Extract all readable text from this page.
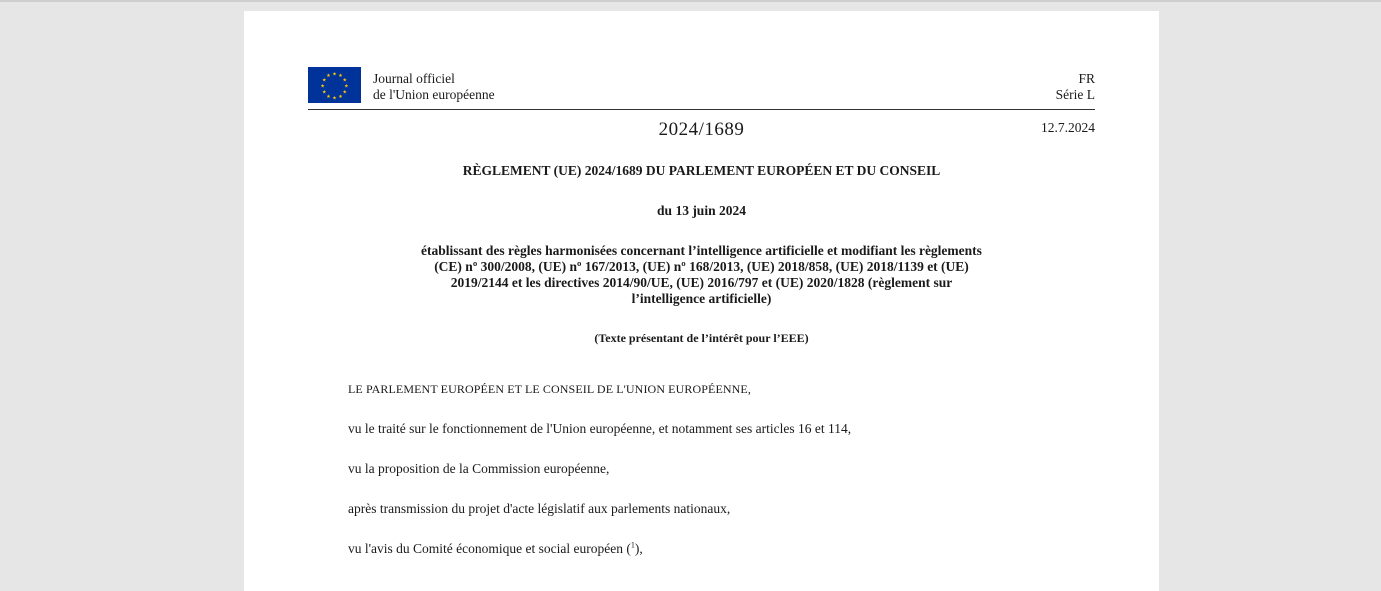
★ ★
★
★
★
★
★
★
★
★
★
★	Journal officiel
de l'Union européenne
FR
Série L
2024/1689	12.7.2024
RÈGLEMENT (UE) 2024/1689 DU PARLEMENT EUROPÉEN ET DU CONSEIL
du 13 juin 2024
établissant des règles harmonisées concernant l’intelligence artificielle et modifiant les règlements
(CE) nº 300/2008, (UE) nº 167/2013, (UE) nº 168/2013, (UE) 2018/858, (UE) 2018/1139 et (UE)
2019/2144 et les directives 2014/90/UE, (UE) 2016/797 et (UE) 2020/1828 (règlement sur
l’intelligence artificielle)
(Texte présentant de l’intérêt pour l’EEE)
LE PARLEMENT EUROPÉEN ET LE CONSEIL DE L'UNION EUROPÉENNE,
vu le traité sur le fonctionnement de l'Union européenne, et notamment ses articles 16 et 114,
vu la proposition de la Commission européenne,
après transmission du projet d'acte législatif aux parlements nationaux,
vu l'avis du Comité économique et social européen ($^1$),
